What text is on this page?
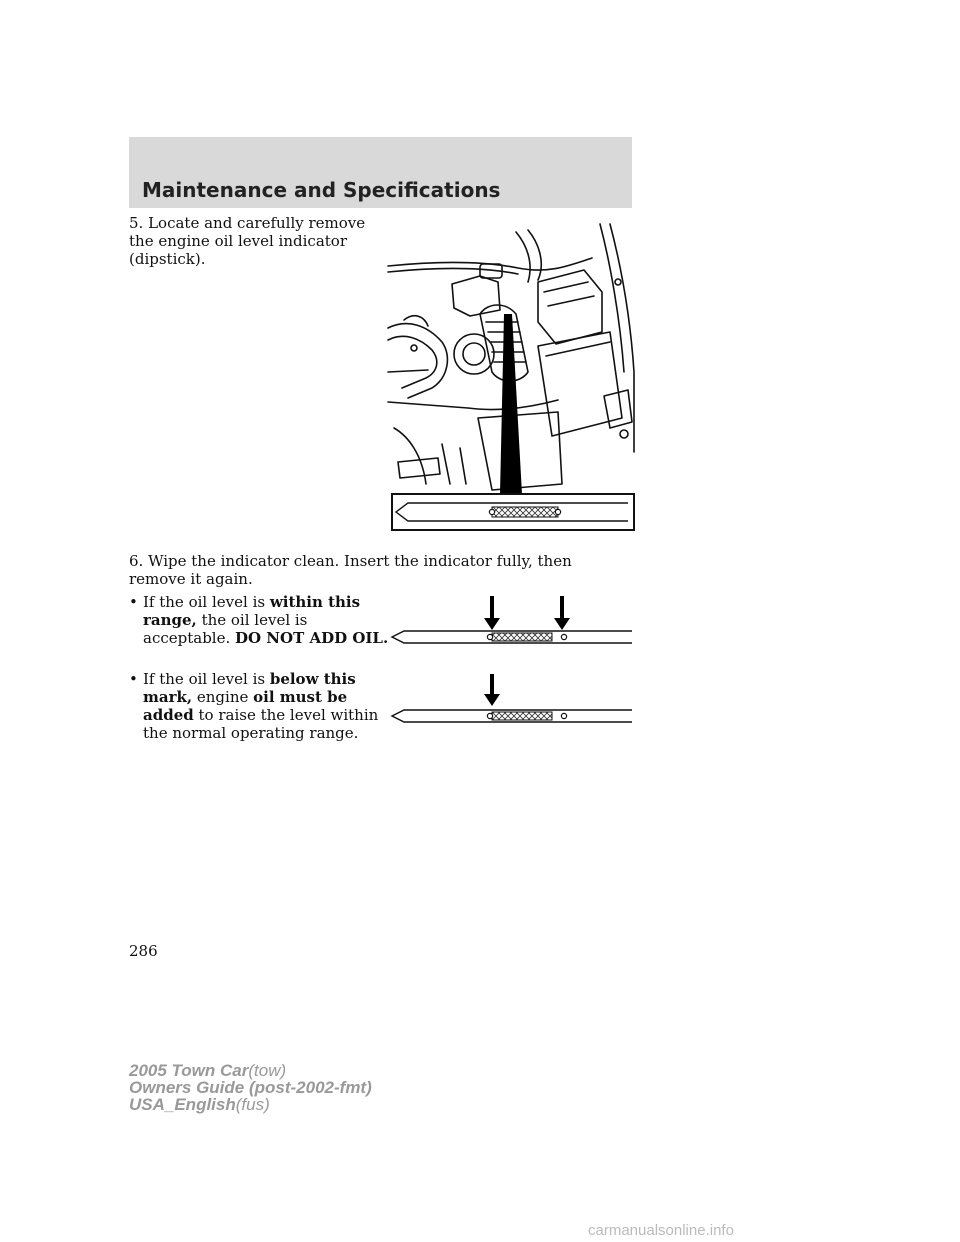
Maintenance and Specifications
5. Locate and carefully remove the engine oil level indicator (dipstick).
6. Wipe the indicator clean. Insert the indicator fully, then remove it again.
• If the oil level is within this range, the oil level is acceptable. DO NOT ADD OIL.
• If the oil level is below this mark, engine oil must be added to raise the level within the normal operating range.
286
2005 Town Car(tow)
Owners Guide (post-2002-fmt)
USA_English(fus)
carmanualsonline.info
